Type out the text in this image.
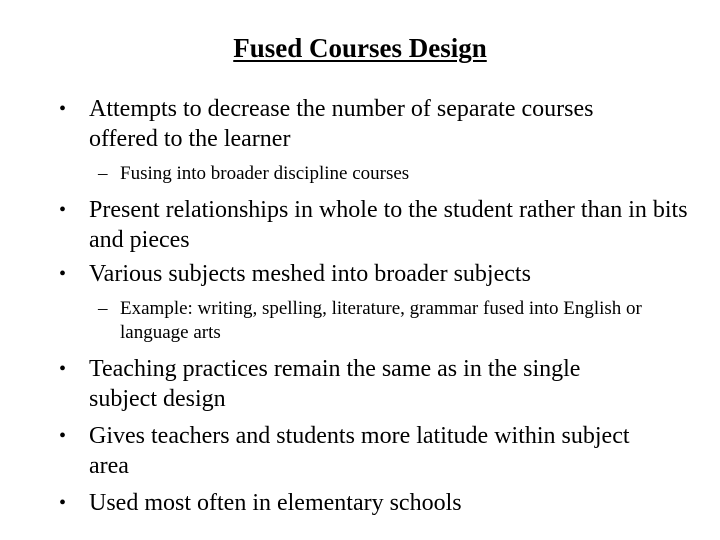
Fused Courses Design

• Attempts to decrease the number of separate courses offered to the learner

– Fusing into broader discipline courses

• Present relationships in whole to the student rather than in bits and pieces

• Various subjects meshed into broader subjects

– Example: writing, spelling, literature, grammar fused into English or language arts

• Teaching practices remain the same as in the single subject design

• Gives teachers and students more latitude within subject area

• Used most often in elementary schools
